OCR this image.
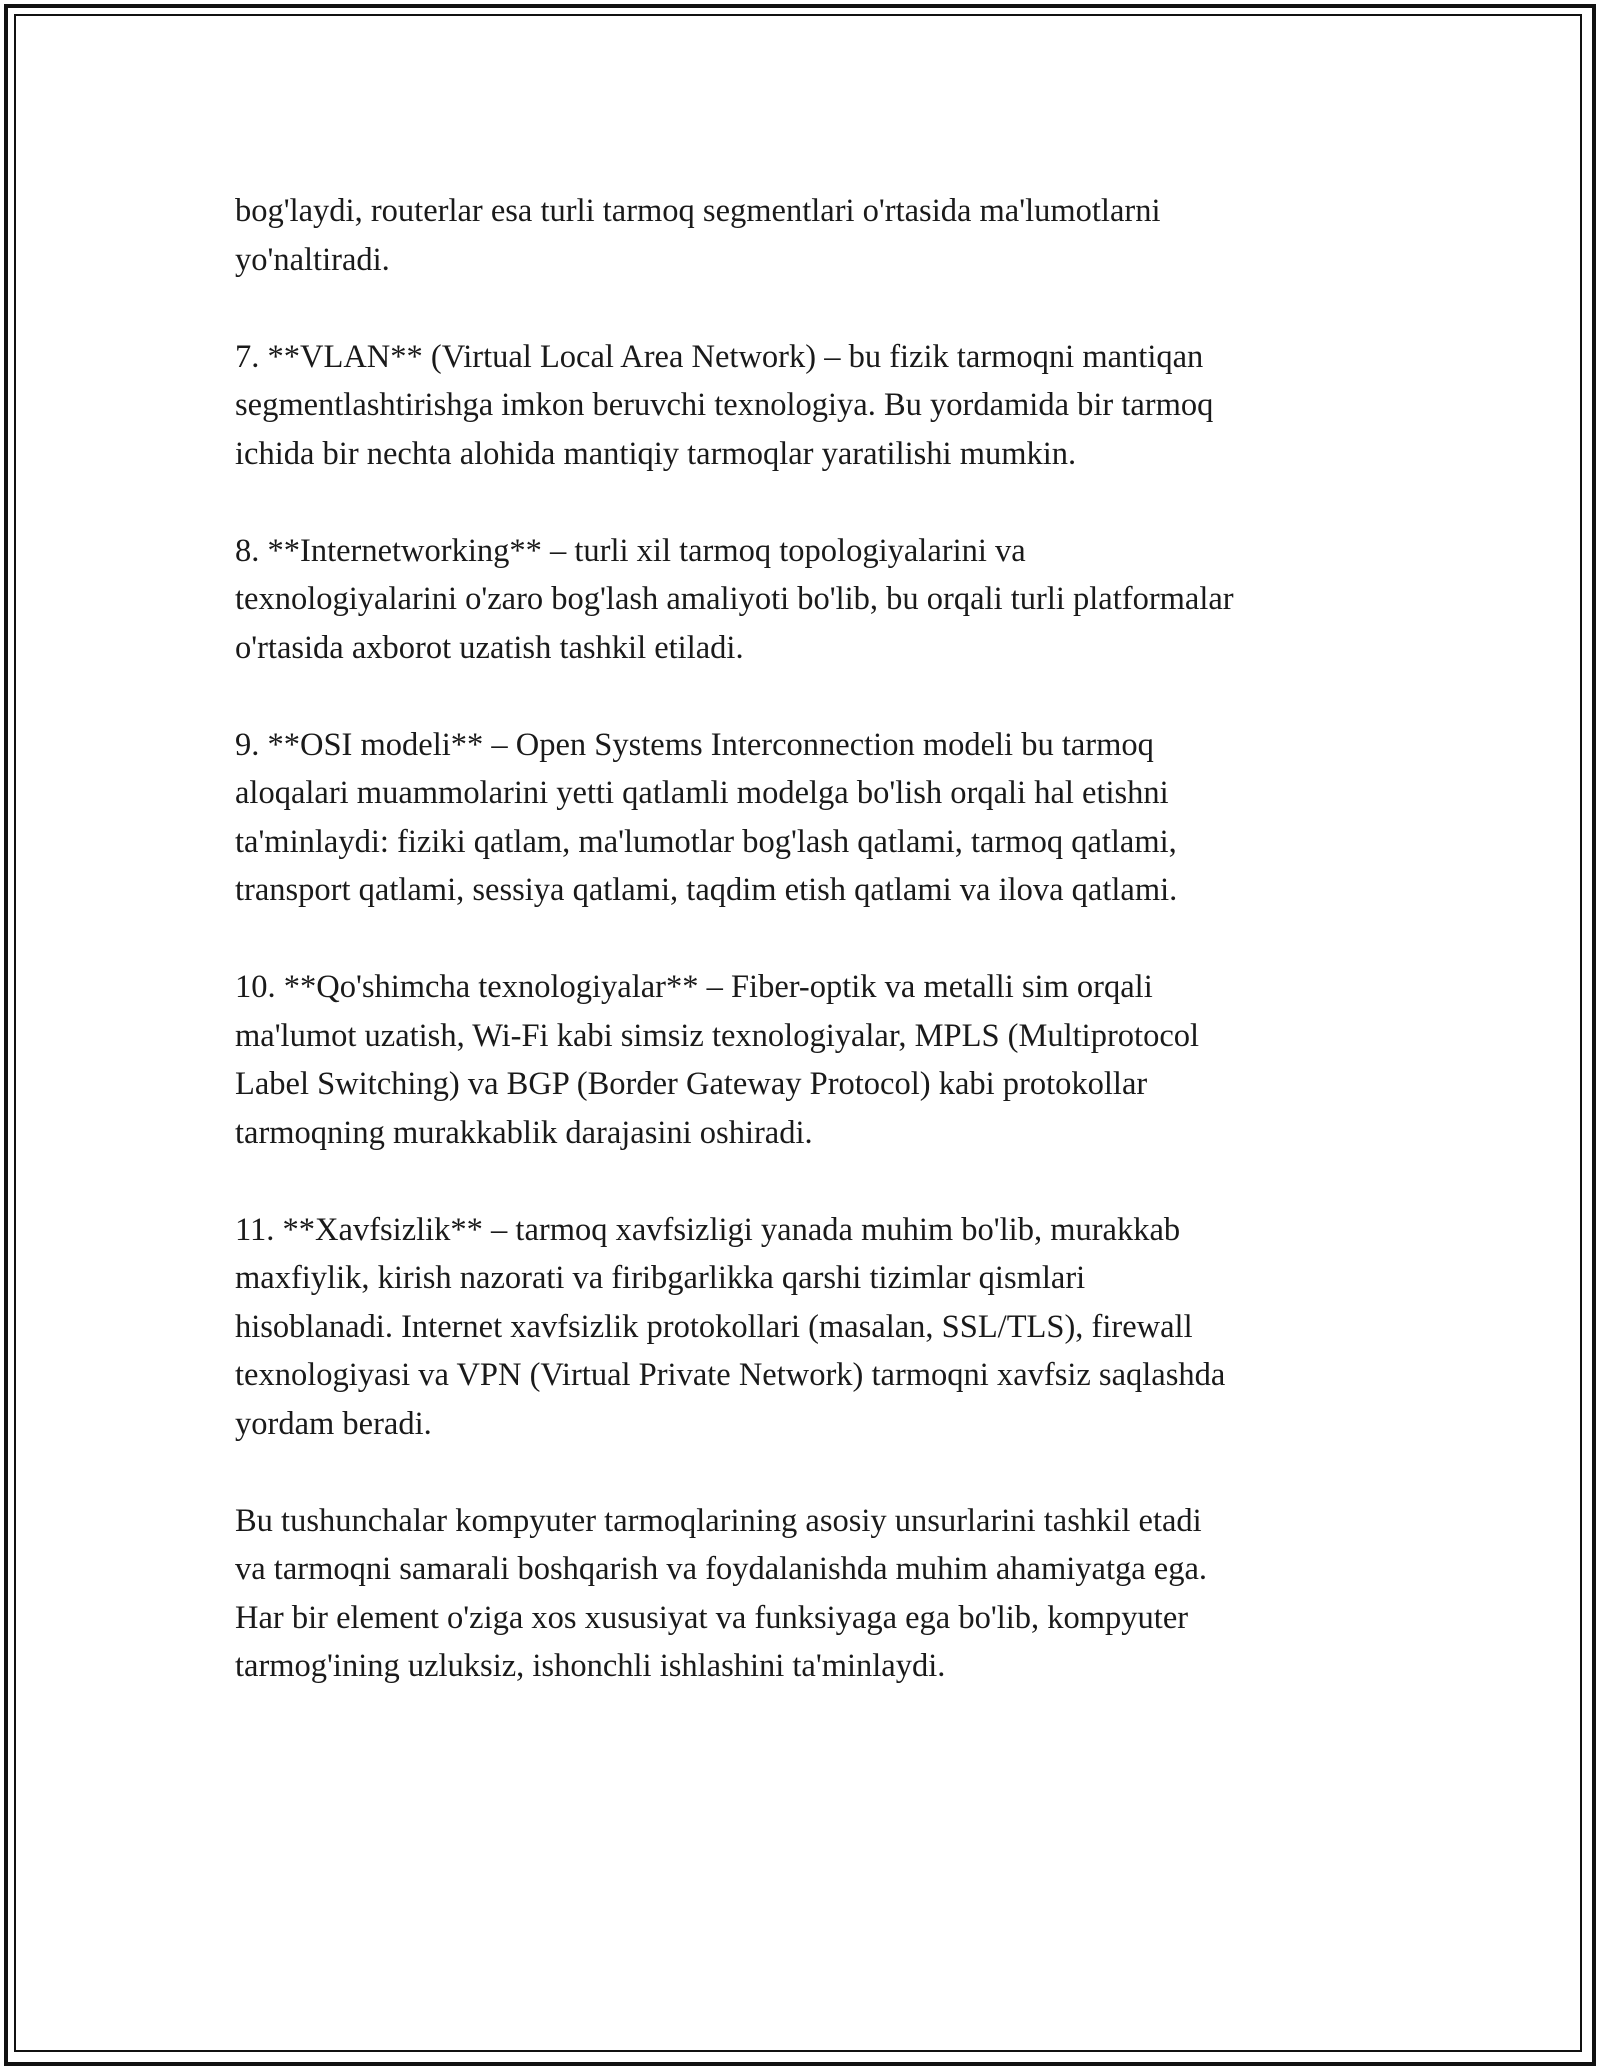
bog'laydi, routerlar esa turli tarmoq segmentlari o'rtasida ma'lumotlarni
yo'naltiradi.

7. **VLAN** (Virtual Local Area Network) – bu fizik tarmoqni mantiqan
segmentlashtirishga imkon beruvchi texnologiya. Bu yordamida bir tarmoq
ichida bir nechta alohida mantiqiy tarmoqlar yaratilishi mumkin.

8. **Internetworking** – turli xil tarmoq topologiyalarini va
texnologiyalarini o'zaro bog'lash amaliyoti bo'lib, bu orqali turli platformalar
o'rtasida axborot uzatish tashkil etiladi.

9. **OSI modeli** – Open Systems Interconnection modeli bu tarmoq
aloqalari muammolarini yetti qatlamli modelga bo'lish orqali hal etishni
ta'minlaydi: fiziki qatlam, ma'lumotlar bog'lash qatlami, tarmoq qatlami,
transport qatlami, sessiya qatlami, taqdim etish qatlami va ilova qatlami.

10. **Qo'shimcha texnologiyalar** – Fiber-optik va metalli sim orqali
ma'lumot uzatish, Wi-Fi kabi simsiz texnologiyalar, MPLS (Multiprotocol
Label Switching) va BGP (Border Gateway Protocol) kabi protokollar
tarmoqning murakkablik darajasini oshiradi.

11. **Xavfsizlik** – tarmoq xavfsizligi yanada muhim bo'lib, murakkab
maxfiylik, kirish nazorati va firibgarlikka qarshi tizimlar qismlari
hisoblanadi. Internet xavfsizlik protokollari (masalan, SSL/TLS), firewall
texnologiyasi va VPN (Virtual Private Network) tarmoqni xavfsiz saqlashda
yordam beradi.

Bu tushunchalar kompyuter tarmoqlarining asosiy unsurlarini tashkil etadi
va tarmoqni samarali boshqarish va foydalanishda muhim ahamiyatga ega.
Har bir element o'ziga xos xususiyat va funksiyaga ega bo'lib, kompyuter
tarmog'ining uzluksiz, ishonchli ishlashini ta'minlaydi.
